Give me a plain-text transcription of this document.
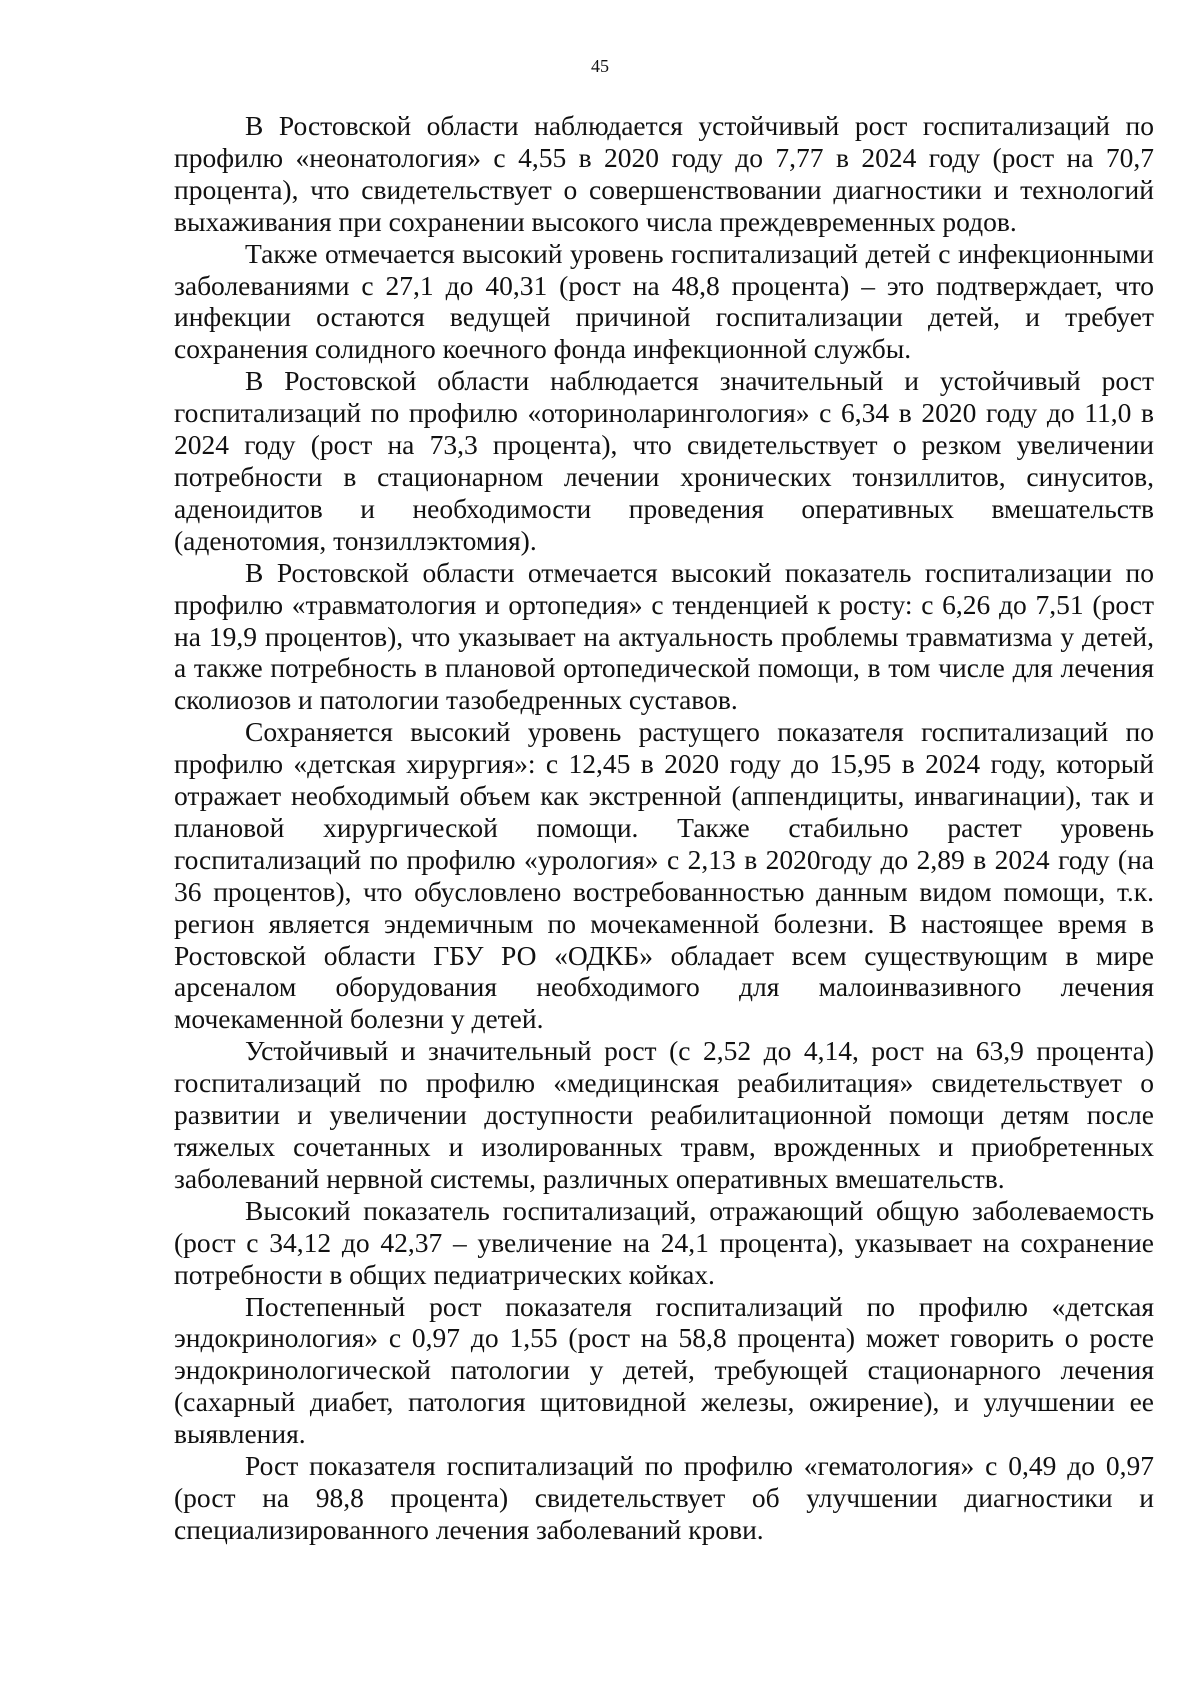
45

В Ростовской области наблюдается устойчивый рост госпитализаций по профилю «неонатология» с 4,55 в 2020 году до 7,77 в 2024 году (рост на 70,7 процента), что свидетельствует о совершенствовании диагностики и технологий выхаживания при сохранении высокого числа преждевременных родов.

Также отмечается высокий уровень госпитализаций детей с инфекционными заболеваниями с 27,1 до 40,31 (рост на 48,8 процента) – это подтверждает, что инфекции остаются ведущей причиной госпитализации детей, и требует сохранения солидного коечного фонда инфекционной службы.

В Ростовской области наблюдается значительный и устойчивый рост госпитализаций по профилю «оториноларингология» с 6,34 в 2020 году до 11,0 в 2024 году (рост на 73,3 процента), что свидетельствует о резком увеличении потребности в стационарном лечении хронических тонзиллитов, синуситов, аденоидитов и необходимости проведения оперативных вмешательств (аденотомия, тонзиллэктомия).

В Ростовской области отмечается высокий показатель госпитализации по профилю «травматология и ортопедия» с тенденцией к росту: с 6,26 до 7,51 (рост на 19,9 процентов), что указывает на актуальность проблемы травматизма у детей, а также потребность в плановой ортопедической помощи, в том числе для лечения сколиозов и патологии тазобедренных суставов.

Сохраняется высокий уровень растущего показателя госпитализаций по профилю «детская хирургия»: с 12,45 в 2020 году до 15,95 в 2024 году, который отражает необходимый объем как экстренной (аппендициты, инвагинации), так и плановой хирургической помощи. Также стабильно растет уровень госпитализаций по профилю «урология» с 2,13 в 2020году до 2,89 в 2024 году (на 36 процентов), что обусловлено востребованностью данным видом помощи, т.к. регион является эндемичным по мочекаменной болезни. В настоящее время в Ростовской области ГБУ РО «ОДКБ» обладает всем существующим в мире арсеналом оборудования необходимого для малоинвазивного лечения мочекаменной болезни у детей.

Устойчивый и значительный рост (с 2,52 до 4,14, рост на 63,9 процента) госпитализаций по профилю «медицинская реабилитация» свидетельствует о развитии и увеличении доступности реабилитационной помощи детям после тяжелых сочетанных и изолированных травм, врожденных и приобретенных заболеваний нервной системы, различных оперативных вмешательств.

Высокий показатель госпитализаций, отражающий общую заболеваемость (рост с 34,12 до 42,37 – увеличение на 24,1 процента), указывает на сохранение потребности в общих педиатрических койках.

Постепенный рост показателя госпитализаций по профилю «детская эндокринология» с 0,97 до 1,55 (рост на 58,8 процента) может говорить о росте эндокринологической патологии у детей, требующей стационарного лечения (сахарный диабет, патология щитовидной железы, ожирение), и улучшении ее выявления.

Рост показателя госпитализаций по профилю «гематология» с 0,49 до 0,97 (рост на 98,8 процента) свидетельствует об улучшении диагностики и специализированного лечения заболеваний крови.
